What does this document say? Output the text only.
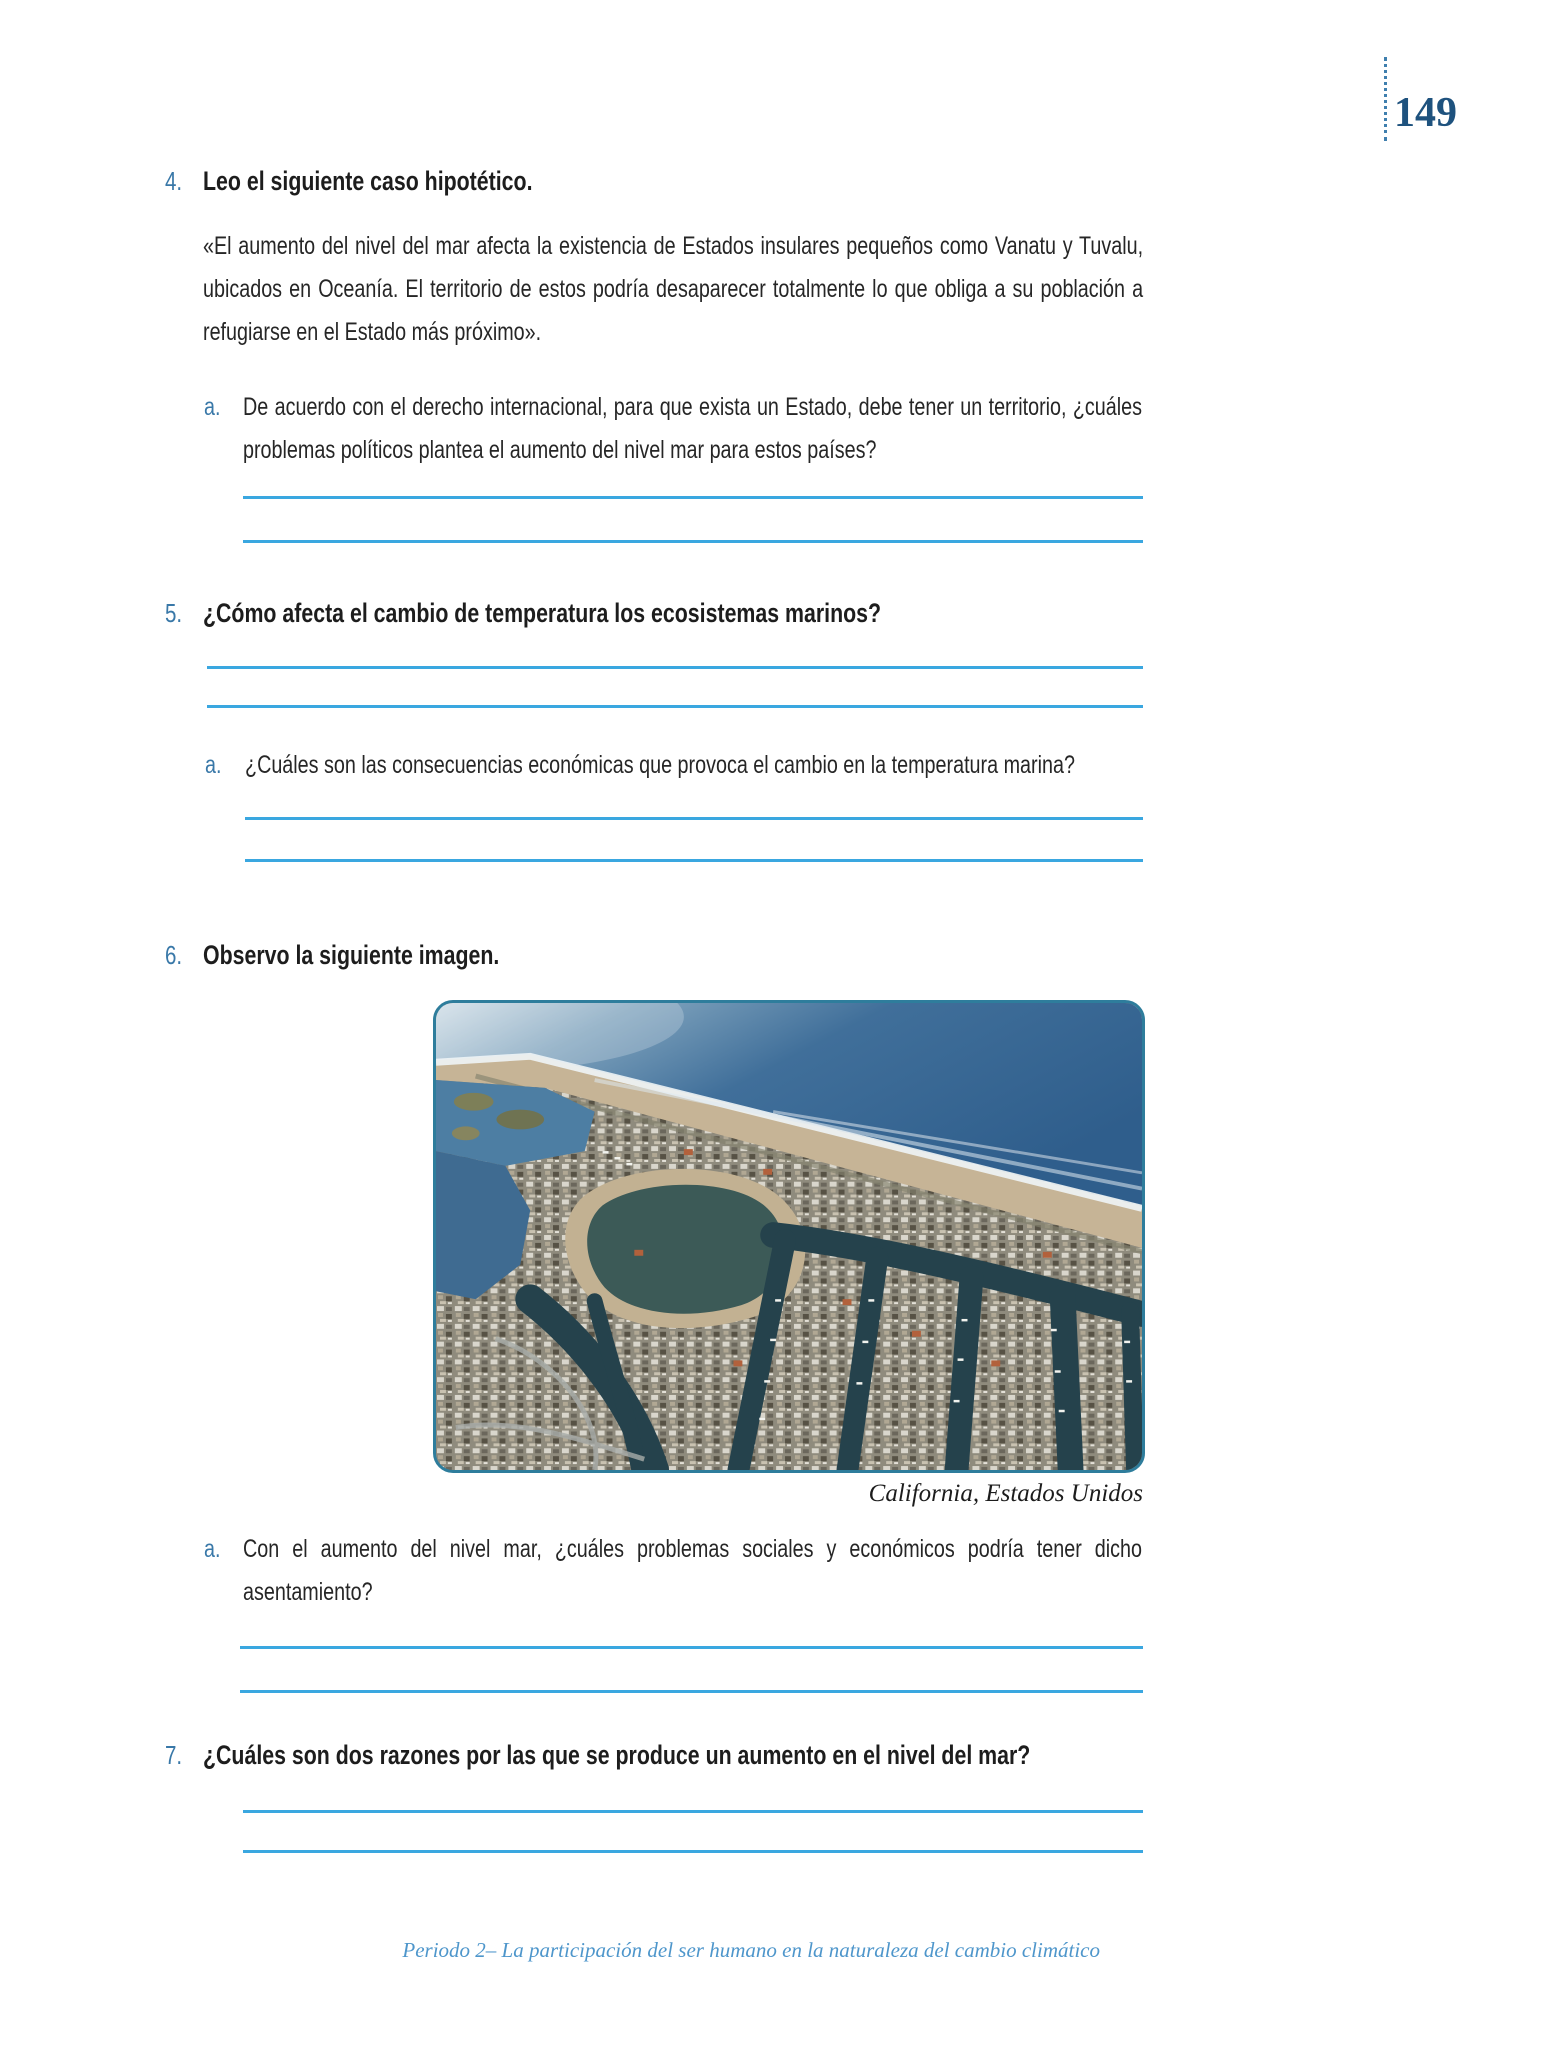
149
4. Leo el siguiente caso hipotético.
«El aumento del nivel del mar afecta la existencia de Estados insulares pequeños como Vanatu y Tuvalu, ubicados en Oceanía. El territorio de estos podría desaparecer totalmente lo que obliga a su población a refugiarse en el Estado más próximo».
a. De acuerdo con el derecho internacional, para que exista un Estado, debe tener un territorio, ¿cuáles problemas políticos plantea el aumento del nivel mar para estos países?
5. ¿Cómo afecta el cambio de temperatura los ecosistemas marinos?
a. ¿Cuáles son las consecuencias económicas que provoca el cambio en la temperatura marina?
6. Observo la siguiente imagen.
California, Estados Unidos
a. Con el aumento del nivel mar, ¿cuáles problemas sociales y económicos podría tener dicho asentamiento?
7. ¿Cuáles son dos razones por las que se produce un aumento en el nivel del mar?
Periodo 2– La participación del ser humano en la naturaleza del cambio climático
